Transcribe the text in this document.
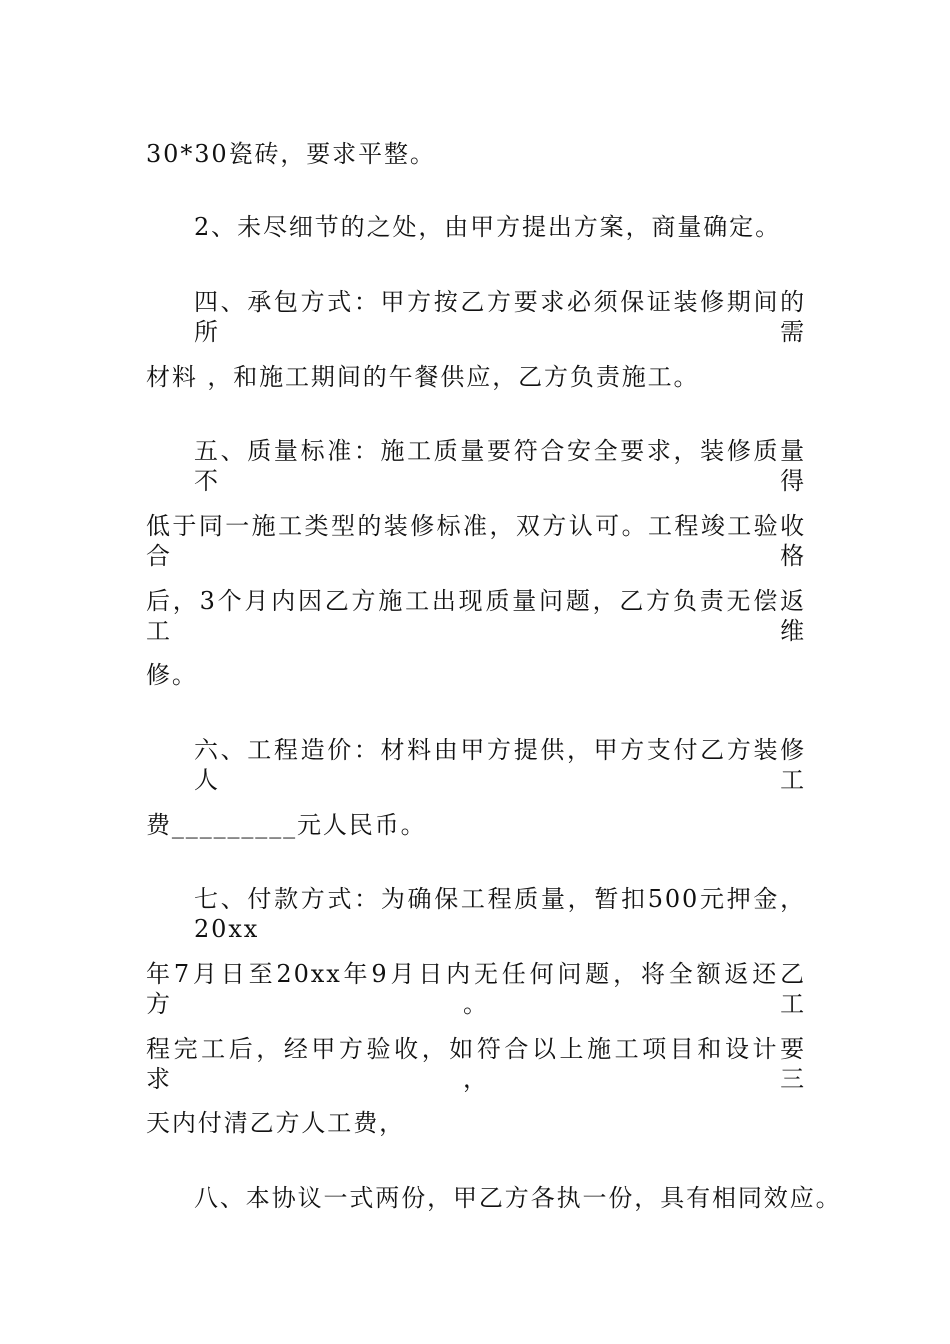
30*30瓷砖，要求平整。
2、未尽细节的之处，由甲方提出方案，商量确定。
四、承包方式：甲方按乙方要求必须保证装修期间的所需
材料 ，和施工期间的午餐供应，乙方负责施工。
五、质量标准：施工质量要符合安全要求，装修质量不得
低于同一施工类型的装修标准，双方认可。工程竣工验收合格
后，3个月内因乙方施工出现质量问题，乙方负责无偿返工维
修。
六、工程造价：材料由甲方提供，甲方支付乙方装修人工
费_________元人民币。
七、付款方式：为确保工程质量，暂扣500元押金，20xx
年7月日至20xx年9月日内无任何问题，将全额返还乙方。工
程完工后，经甲方验收，如符合以上施工项目和设计要求，三
天内付清乙方人工费，
八、本协议一式两份，甲乙方各执一份，具有相同效应。
